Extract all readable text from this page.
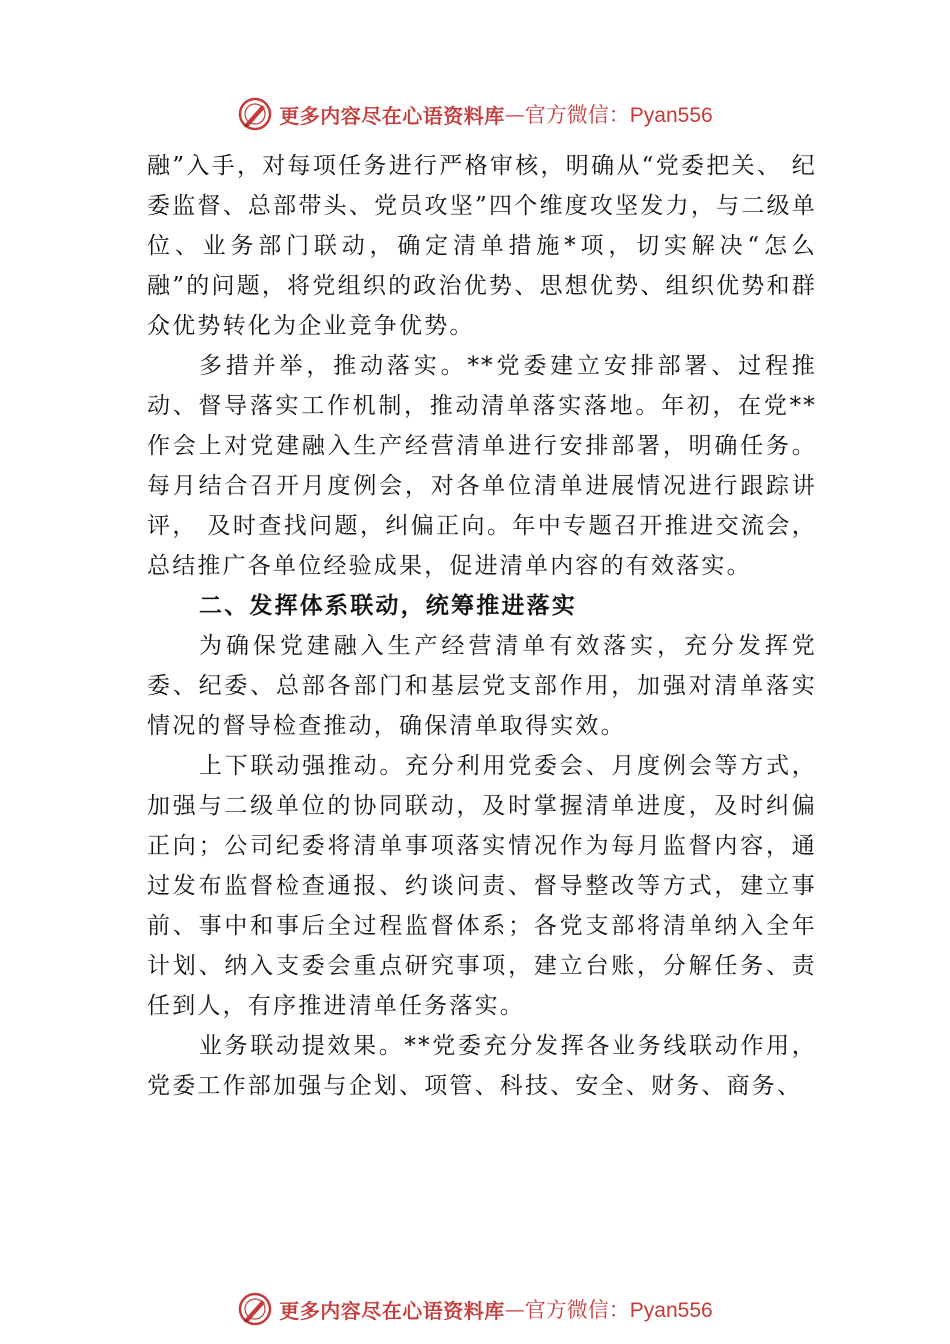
更多内容尽在心语资料库 — 官方微信：Pyan556

融”入手，对每项任务进行严格审核，明确从“党委把关、 纪委监督、总部带头、党员攻坚”四个维度攻坚发力，与二级单位、业务部门联动，确定清单措施*项，切实解决“怎么融”的问题，将党组织的政治优势、思想优势、组织优势和群众优势转化为企业竞争优势。

多措并举，推动落实。**党委建立安排部署、过程推动、督导落实工作机制，推动清单落实落地。年初，在党**作会上对党建融入生产经营清单进行安排部署，明确任务。每月结合召开月度例会，对各单位清单进展情况进行跟踪讲评， 及时查找问题，纠偏正向。年中专题召开推进交流会，总结推广各单位经验成果，促进清单内容的有效落实。

二、发挥体系联动，统筹推进落实

为确保党建融入生产经营清单有效落实，充分发挥党委、纪委、总部各部门和基层党支部作用，加强对清单落实情况的督导检查推动，确保清单取得实效。

上下联动强推动。充分利用党委会、月度例会等方式， 加强与二级单位的协同联动，及时掌握清单进度，及时纠偏正向；公司纪委将清单事项落实情况作为每月监督内容，通过发布监督检查通报、约谈问责、督导整改等方式，建立事前、事中和事后全过程监督体系；各党支部将清单纳入全年计划、纳入支委会重点研究事项，建立台账，分解任务、责任到人，有序推进清单任务落实。

业务联动提效果。**党委充分发挥各业务线联动作用， 党委工作部加强与企划、项管、科技、安全、财务、商务、

更多内容尽在心语资料库 — 官方微信：Pyan556
